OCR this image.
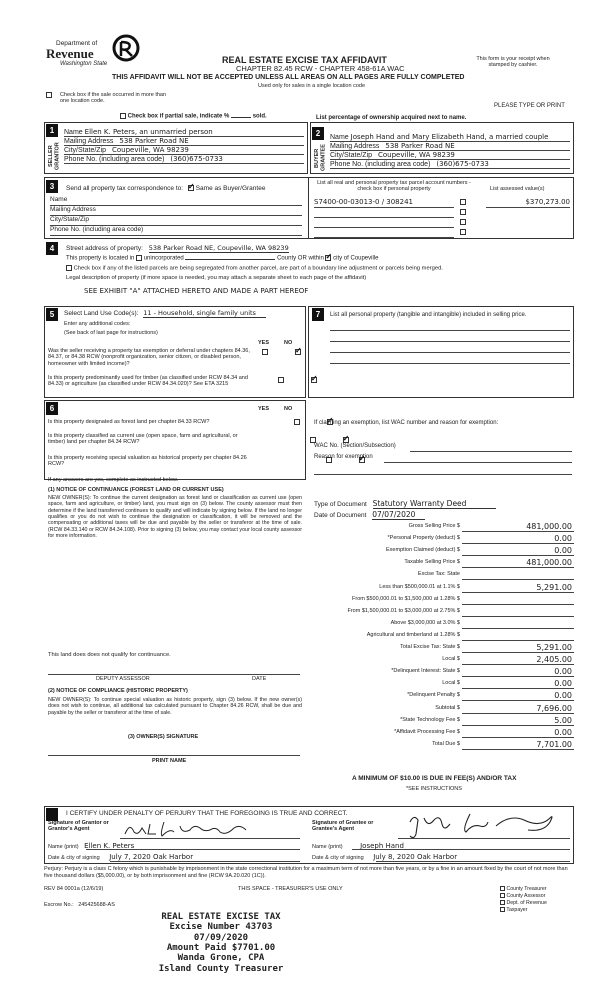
Department of
Revenue
Washington State	REAL ESTATE EXCISE TAX AFFIDAVIT
CHAPTER 82.45 RCW - CHAPTER 458-61A WAC
This form is your receipt when stamped by cashier.
THIS AFFIDAVIT WILL NOT BE ACCEPTED UNLESS ALL AREAS ON ALL PAGES ARE FULLY COMPLETED
Used only for sales in a single location code
Check box if the sale occurred in more than one location code.
PLEASE TYPE OR PRINT
Check box if partial sale, indicate %	sold.	List percentage of ownership acquired next to name.
1
SELLER GRANTOR
Name Ellen K. Peters, an unmarried person
Mailing Address 538 Parker Road NE
City/State/Zip Coupeville, WA 98239
Phone No. (including area code) (360)675-0733
2
BUYER GRANTEE
Name Joseph Hand and Mary Elizabeth Hand, a married couple
Mailing Address 538 Parker Road NE
City/State/Zip Coupeville, WA 98239
Phone No. (including area code) (360)675-0733
3	Send all property tax correspondence to: ✓ Same as Buyer/Grantee
Name
Mailing Address
City/State/Zip
Phone No. (including area code)
List all real and personal property tax parcel account numbers - check box if personal property	List assessed value(s)
S7400-00-03013-0 / 308241	$370,273.00
4	Street address of property: 538 Parker Road NE, Coupeville, WA 98239
This property is located in unincorporated	County OR within ✓ city of Coupeville
Check box if any of the listed parcels are being segregated from another parcel, are part of a boundary line adjustment or parcels being merged.
Legal description of property (if more space is needed, you may attach a separate sheet to each page of the affidavit)
SEE EXHIBIT "A" ATTACHED HERETO AND MADE A PART HEREOF
5	Select Land Use Code(s): 11 - Household, single family units
Enter any additional codes:
(See back of last page for instructions)
YES	NO
Was the seller receiving a property tax exemption or deferral under chapters 84.36, 84.37, or 84.38 RCW (nonprofit organization, senior citizen, or disabled person, homeowner with limited income)?
✓
Is this property predominantly used for timber (as classified under RCW 84.34 and 84.33) or agriculture (as classified under RCW 84.34.020)? See ETA 3215
✓
6	YES	NO
Is this property designated as forest land per chapter 84.33 RCW?
✓
Is this property classified as current use (open space, farm and agricultural, or timber) land per chapter 84.34 RCW?
✓
Is this property receiving special valuation as historical property per chapter 84.26 RCW?
✓
If any answers are yes, complete as instructed below.
(1) NOTICE OF CONTINUANCE (FOREST LAND OR CURRENT USE)
NEW OWNER(S): To continue the current designation as forest land or classification as current use (open space, farm and agriculture, or timber) land, you must sign on (3) below. The county assessor must then determine if the land transferred continues to qualify and will indicate by signing below. If the land no longer qualifies or you do not wish to continue the designation or classification, it will be removed and the compensating or additional taxes will be due and payable by the seller or transferor at the time of sale. (RCW 84.33.140 or RCW 84.34.108). Prior to signing (3) below, you may contact your local county assessor for more information.
This land does does not qualify for continuance.
DEPUTY ASSESSOR	DATE
(2) NOTICE OF COMPLIANCE (HISTORIC PROPERTY)
NEW OWNER(S): To continue special valuation as historic property, sign (3) below. If the new owner(s) does not wish to continue, all additional tax calculated pursuant to Chapter 84.26 RCW, shall be due and payable by the seller or transferor at the time of sale.
(3) OWNER(S) SIGNATURE
PRINT NAME
7	List all personal property (tangible and intangible) included in selling price.
If claiming an exemption, list WAC number and reason for exemption:
WAC No. (Section/Subsection)
Reason for exemption
Type of Document Statutory Warranty Deed
Date of Document 07/07/2020
Gross Selling Price $	481,000.00
*Personal Property (deduct) $	0.00
Exemption Claimed (deduct) $	0.00
Taxable Selling Price $	481,000.00
Excise Tax: State
Less than $500,000.01 at 1.1% $	5,291.00
From $500,000.01 to $1,500,000 at 1.28% $
From $1,500,000.01 to $3,000,000 at 2.75% $
Above $3,000,000 at 3.0% $
Agricultural and timberland at 1.28% $
Total Excise Tax: State $	5,291.00
Local $	2,405.00
*Delinquent Interest: State $	0.00
Local $	0.00
*Delinquent Penalty $	0.00
Subtotal $	7,696.00
*State Technology Fee $	5.00
*Affidavit Processing Fee $	0.00
Total Due $	7,701.00
A MINIMUM OF $10.00 IS DUE IN FEE(S) AND/OR TAX
*SEE INSTRUCTIONS
I CERTIFY UNDER PENALTY OF PERJURY THAT THE FOREGOING IS TRUE AND CORRECT.
Signature of Grantor or Grantor's Agent
Name (print) Ellen K. Peters
Date & city of signing July 7, 2020 Oak Harbor
Signature of Grantee or Grantee's Agent
Name (print)	Joseph Hand
Date & city of signing July 8, 2020 Oak Harbor
Perjury: Perjury is a class C felony which is punishable by imprisonment in the state correctional institution for a maximum term of not more than five years, or by a fine in an amount fixed by the court of not more than five thousand dollars ($5,000.00), or by both imprisonment and fine (RCW 9A.20.020 (1C)).
REV 84 0001a (12/6/19)	THIS SPACE - TREASURER'S USE ONLY	County Treasurer
County Assessor
Dept. of Revenue
Taxpayer
Escrow No.: 245425688-AS
REAL ESTATE EXCISE TAX
Excise Number 43703
07/09/2020
Amount Paid $7701.00
Wanda Grone, CPA
Island County Treasurer
